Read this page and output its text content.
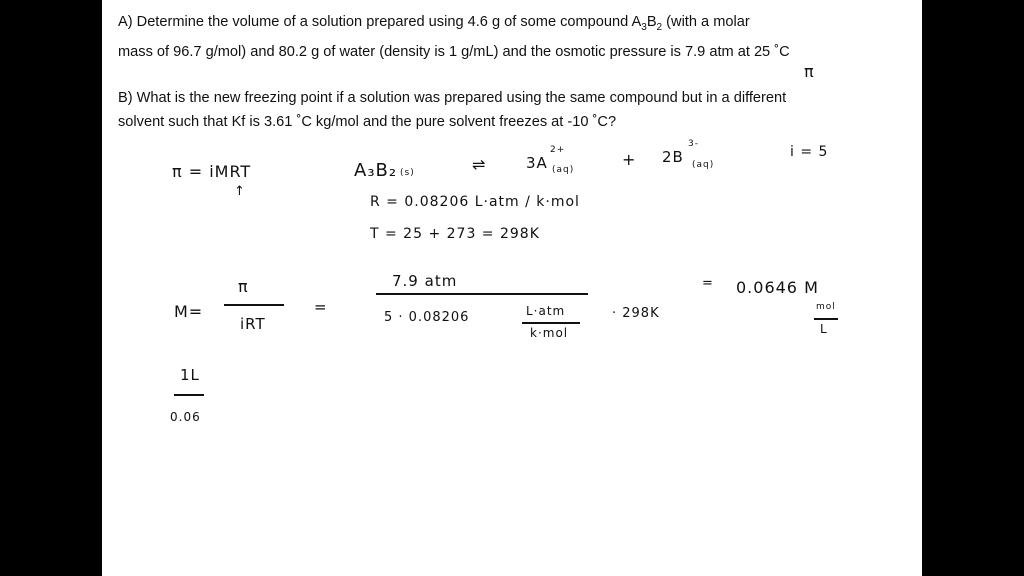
A) Determine the volume of a solution prepared using 4.6 g of some compound $A_3B_2$ (with a molar
mass of 96.7 g/mol) and 80.2 g of water (density is 1 g/mL) and the osmotic pressure is 7.9 atm at 25 ˚C
π
B) What is the new freezing point if a solution was prepared using the same compound but in a different
solvent such that Kf is 3.61 ˚C kg/mol and the pure solvent freezes at -10 ˚C?
π = iMRT
↑
A₃B₂ (s)	⇌	3A
2+
(aq)
+ 2B
3-
(aq)
i = 5
R = 0.08206 L·atm / k·mol
T = 25 + 273 = 298K
M=
π
iRT
=
7.9 atm
5 · 0.08206	L·atm
k·mol
· 298K
= 0.0646 M
mol
L
1L
0.06
